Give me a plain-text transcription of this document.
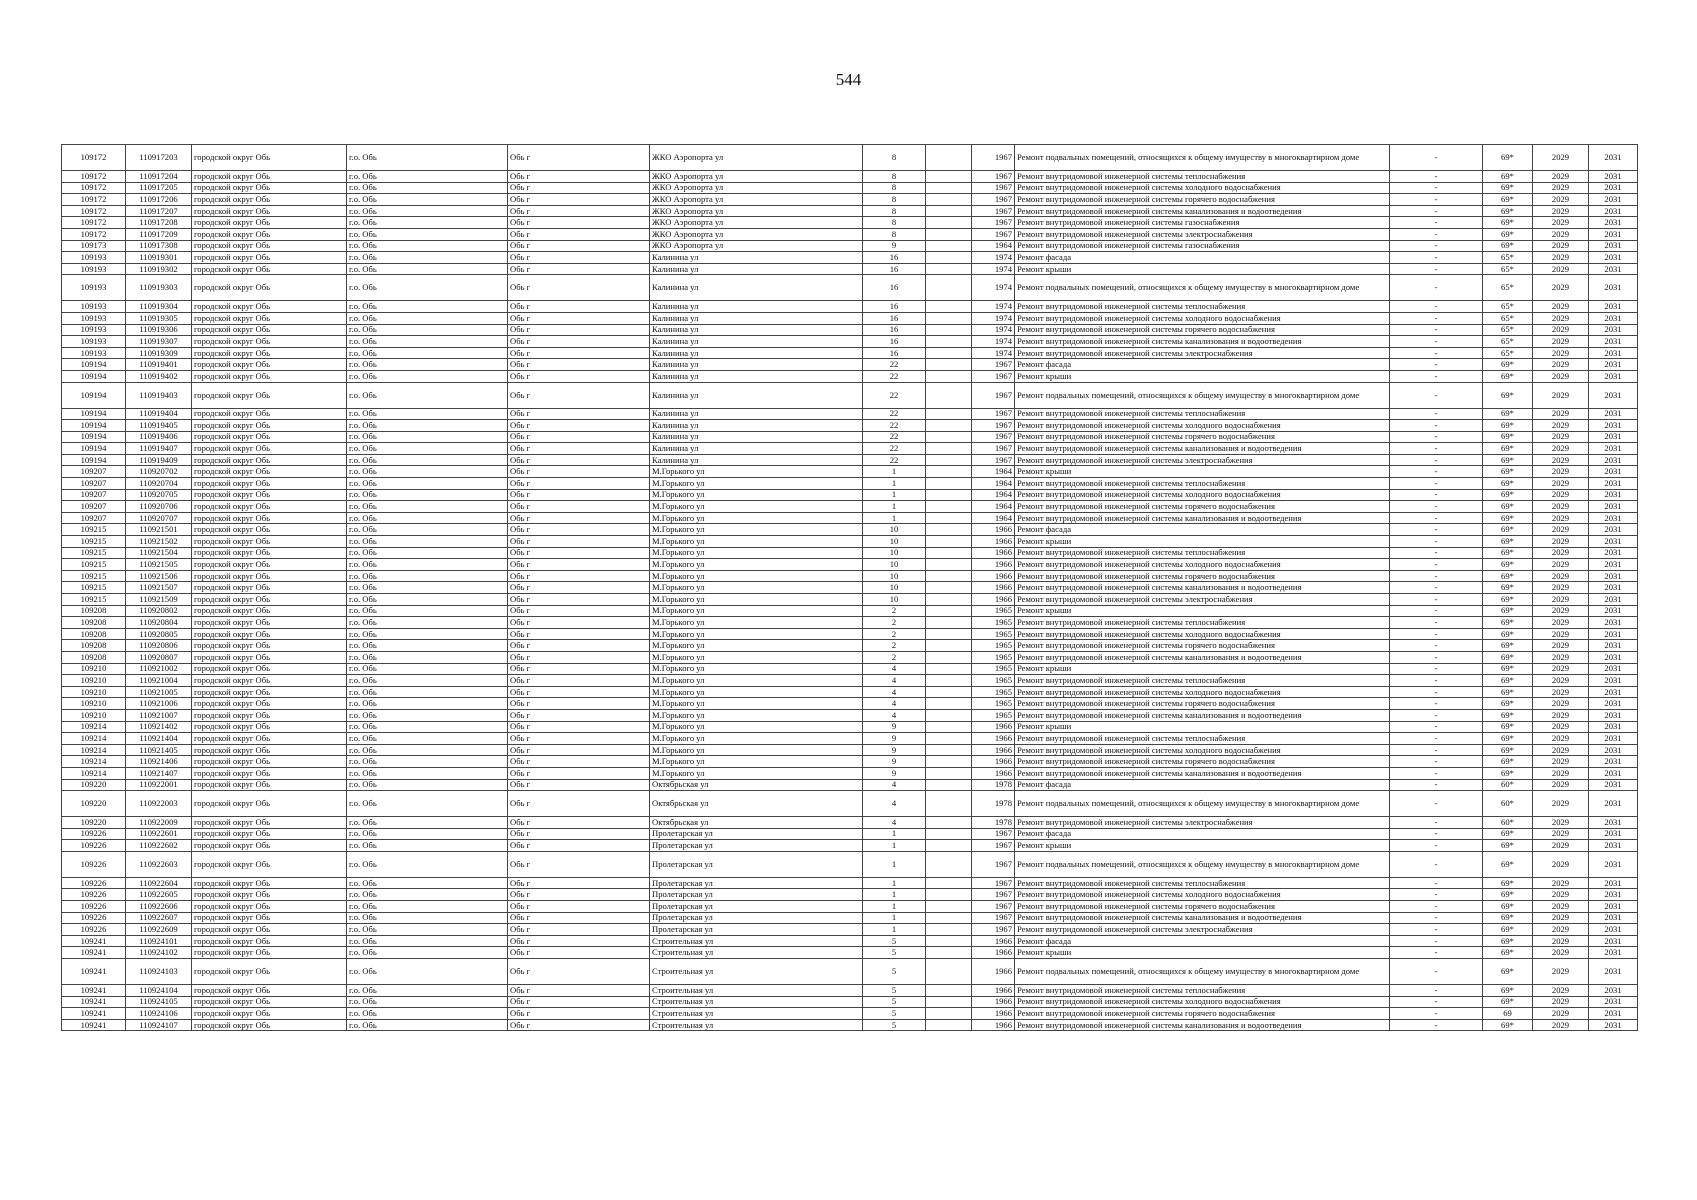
544
109172	110917203	городской округ Обь	г.о. Обь	Обь г	ЖКО Аэропорта ул	8		1967	Ремонт подвальных помещений, относящихся к общему имуществу в многоквартирном доме	-	69*	2029	2031
109172	110917204	городской округ Обь	г.о. Обь	Обь г	ЖКО Аэропорта ул	8		1967	Ремонт внутридомовой инженерной системы теплоснабжения	-	69*	2029	2031
109172	110917205	городской округ Обь	г.о. Обь	Обь г	ЖКО Аэропорта ул	8		1967	Ремонт внутридомовой инженерной системы холодного водоснабжения	-	69*	2029	2031
109172	110917206	городской округ Обь	г.о. Обь	Обь г	ЖКО Аэропорта ул	8		1967	Ремонт внутридомовой инженерной системы горячего водоснабжения	-	69*	2029	2031
109172	110917207	городской округ Обь	г.о. Обь	Обь г	ЖКО Аэропорта ул	8		1967	Ремонт внутридомовой инженерной системы канализования и водоотведения	-	69*	2029	2031
109172	110917208	городской округ Обь	г.о. Обь	Обь г	ЖКО Аэропорта ул	8		1967	Ремонт внутридомовой инженерной системы газоснабжения	-	69*	2029	2031
109172	110917209	городской округ Обь	г.о. Обь	Обь г	ЖКО Аэропорта ул	8		1967	Ремонт внутридомовой инженерной системы электроснабжения	-	69*	2029	2031
109173	110917308	городской округ Обь	г.о. Обь	Обь г	ЖКО Аэропорта ул	9		1964	Ремонт внутридомовой инженерной системы газоснабжения	-	69*	2029	2031
109193	110919301	городской округ Обь	г.о. Обь	Обь г	Калинина ул	16		1974	Ремонт фасада	-	65*	2029	2031
109193	110919302	городской округ Обь	г.о. Обь	Обь г	Калинина ул	16		1974	Ремонт крыши	-	65*	2029	2031
109193	110919303	городской округ Обь	г.о. Обь	Обь г	Калинина ул	16		1974	Ремонт подвальных помещений, относящихся к общему имуществу в многоквартирном доме	-	65*	2029	2031
109193	110919304	городской округ Обь	г.о. Обь	Обь г	Калинина ул	16		1974	Ремонт внутридомовой инженерной системы теплоснабжения	-	65*	2029	2031
109193	110919305	городской округ Обь	г.о. Обь	Обь г	Калинина ул	16		1974	Ремонт внутридомовой инженерной системы холодного водоснабжения	-	65*	2029	2031
109193	110919306	городской округ Обь	г.о. Обь	Обь г	Калинина ул	16		1974	Ремонт внутридомовой инженерной системы горячего водоснабжения	-	65*	2029	2031
109193	110919307	городской округ Обь	г.о. Обь	Обь г	Калинина ул	16		1974	Ремонт внутридомовой инженерной системы канализования и водоотведения	-	65*	2029	2031
109193	110919309	городской округ Обь	г.о. Обь	Обь г	Калинина ул	16		1974	Ремонт внутридомовой инженерной системы электроснабжения	-	65*	2029	2031
109194	110919401	городской округ Обь	г.о. Обь	Обь г	Калинина ул	22		1967	Ремонт фасада	-	69*	2029	2031
109194	110919402	городской округ Обь	г.о. Обь	Обь г	Калинина ул	22		1967	Ремонт крыши	-	69*	2029	2031
109194	110919403	городской округ Обь	г.о. Обь	Обь г	Калинина ул	22		1967	Ремонт подвальных помещений, относящихся к общему имуществу в многоквартирном доме	-	69*	2029	2031
109194	110919404	городской округ Обь	г.о. Обь	Обь г	Калинина ул	22		1967	Ремонт внутридомовой инженерной системы теплоснабжения	-	69*	2029	2031
109194	110919405	городской округ Обь	г.о. Обь	Обь г	Калинина ул	22		1967	Ремонт внутридомовой инженерной системы холодного водоснабжения	-	69*	2029	2031
109194	110919406	городской округ Обь	г.о. Обь	Обь г	Калинина ул	22		1967	Ремонт внутридомовой инженерной системы горячего водоснабжения	-	69*	2029	2031
109194	110919407	городской округ Обь	г.о. Обь	Обь г	Калинина ул	22		1967	Ремонт внутридомовой инженерной системы канализования и водоотведения	-	69*	2029	2031
109194	110919409	городской округ Обь	г.о. Обь	Обь г	Калинина ул	22		1967	Ремонт внутридомовой инженерной системы электроснабжения	-	69*	2029	2031
109207	110920702	городской округ Обь	г.о. Обь	Обь г	М.Горького ул	1		1964	Ремонт крыши	-	69*	2029	2031
109207	110920704	городской округ Обь	г.о. Обь	Обь г	М.Горького ул	1		1964	Ремонт внутридомовой инженерной системы теплоснабжения	-	69*	2029	2031
109207	110920705	городской округ Обь	г.о. Обь	Обь г	М.Горького ул	1		1964	Ремонт внутридомовой инженерной системы холодного водоснабжения	-	69*	2029	2031
109207	110920706	городской округ Обь	г.о. Обь	Обь г	М.Горького ул	1		1964	Ремонт внутридомовой инженерной системы горячего водоснабжения	-	69*	2029	2031
109207	110920707	городской округ Обь	г.о. Обь	Обь г	М.Горького ул	1		1964	Ремонт внутридомовой инженерной системы канализования и водоотведения	-	69*	2029	2031
109215	110921501	городской округ Обь	г.о. Обь	Обь г	М.Горького ул	10		1966	Ремонт фасада	-	69*	2029	2031
109215	110921502	городской округ Обь	г.о. Обь	Обь г	М.Горького ул	10		1966	Ремонт крыши	-	69*	2029	2031
109215	110921504	городской округ Обь	г.о. Обь	Обь г	М.Горького ул	10		1966	Ремонт внутридомовой инженерной системы теплоснабжения	-	69*	2029	2031
109215	110921505	городской округ Обь	г.о. Обь	Обь г	М.Горького ул	10		1966	Ремонт внутридомовой инженерной системы холодного водоснабжения	-	69*	2029	2031
109215	110921506	городской округ Обь	г.о. Обь	Обь г	М.Горького ул	10		1966	Ремонт внутридомовой инженерной системы горячего водоснабжения	-	69*	2029	2031
109215	110921507	городской округ Обь	г.о. Обь	Обь г	М.Горького ул	10		1966	Ремонт внутридомовой инженерной системы канализования и водоотведения	-	69*	2029	2031
109215	110921509	городской округ Обь	г.о. Обь	Обь г	М.Горького ул	10		1966	Ремонт внутридомовой инженерной системы электроснабжения	-	69*	2029	2031
109208	110920802	городской округ Обь	г.о. Обь	Обь г	М.Горького ул	2		1965	Ремонт крыши	-	69*	2029	2031
109208	110920804	городской округ Обь	г.о. Обь	Обь г	М.Горького ул	2		1965	Ремонт внутридомовой инженерной системы теплоснабжения	-	69*	2029	2031
109208	110920805	городской округ Обь	г.о. Обь	Обь г	М.Горького ул	2		1965	Ремонт внутридомовой инженерной системы холодного водоснабжения	-	69*	2029	2031
109208	110920806	городской округ Обь	г.о. Обь	Обь г	М.Горького ул	2		1965	Ремонт внутридомовой инженерной системы горячего водоснабжения	-	69*	2029	2031
109208	110920807	городской округ Обь	г.о. Обь	Обь г	М.Горького ул	2		1965	Ремонт внутридомовой инженерной системы канализования и водоотведения	-	69*	2029	2031
109210	110921002	городской округ Обь	г.о. Обь	Обь г	М.Горького ул	4		1965	Ремонт крыши	-	69*	2029	2031
109210	110921004	городской округ Обь	г.о. Обь	Обь г	М.Горького ул	4		1965	Ремонт внутридомовой инженерной системы теплоснабжения	-	69*	2029	2031
109210	110921005	городской округ Обь	г.о. Обь	Обь г	М.Горького ул	4		1965	Ремонт внутридомовой инженерной системы холодного водоснабжения	-	69*	2029	2031
109210	110921006	городской округ Обь	г.о. Обь	Обь г	М.Горького ул	4		1965	Ремонт внутридомовой инженерной системы горячего водоснабжения	-	69*	2029	2031
109210	110921007	городской округ Обь	г.о. Обь	Обь г	М.Горького ул	4		1965	Ремонт внутридомовой инженерной системы канализования и водоотведения	-	69*	2029	2031
109214	110921402	городской округ Обь	г.о. Обь	Обь г	М.Горького ул	9		1966	Ремонт крыши	-	69*	2029	2031
109214	110921404	городской округ Обь	г.о. Обь	Обь г	М.Горького ул	9		1966	Ремонт внутридомовой инженерной системы теплоснабжения	-	69*	2029	2031
109214	110921405	городской округ Обь	г.о. Обь	Обь г	М.Горького ул	9		1966	Ремонт внутридомовой инженерной системы холодного водоснабжения	-	69*	2029	2031
109214	110921406	городской округ Обь	г.о. Обь	Обь г	М.Горького ул	9		1966	Ремонт внутридомовой инженерной системы горячего водоснабжения	-	69*	2029	2031
109214	110921407	городской округ Обь	г.о. Обь	Обь г	М.Горького ул	9		1966	Ремонт внутридомовой инженерной системы канализования и водоотведения	-	69*	2029	2031
109220	110922001	городской округ Обь	г.о. Обь	Обь г	Октябрьская ул	4		1978	Ремонт фасада	-	60*	2029	2031
109220	110922003	городской округ Обь	г.о. Обь	Обь г	Октябрьская ул	4		1978	Ремонт подвальных помещений, относящихся к общему имуществу в многоквартирном доме	-	60*	2029	2031
109220	110922009	городской округ Обь	г.о. Обь	Обь г	Октябрьская ул	4		1978	Ремонт внутридомовой инженерной системы электроснабжения	-	60*	2029	2031
109226	110922601	городской округ Обь	г.о. Обь	Обь г	Пролетарская ул	1		1967	Ремонт фасада	-	69*	2029	2031
109226	110922602	городской округ Обь	г.о. Обь	Обь г	Пролетарская ул	1		1967	Ремонт крыши	-	69*	2029	2031
109226	110922603	городской округ Обь	г.о. Обь	Обь г	Пролетарская ул	1		1967	Ремонт подвальных помещений, относящихся к общему имуществу в многоквартирном доме	-	69*	2029	2031
109226	110922604	городской округ Обь	г.о. Обь	Обь г	Пролетарская ул	1		1967	Ремонт внутридомовой инженерной системы теплоснабжения	-	69*	2029	2031
109226	110922605	городской округ Обь	г.о. Обь	Обь г	Пролетарская ул	1		1967	Ремонт внутридомовой инженерной системы холодного водоснабжения	-	69*	2029	2031
109226	110922606	городской округ Обь	г.о. Обь	Обь г	Пролетарская ул	1		1967	Ремонт внутридомовой инженерной системы горячего водоснабжения	-	69*	2029	2031
109226	110922607	городской округ Обь	г.о. Обь	Обь г	Пролетарская ул	1		1967	Ремонт внутридомовой инженерной системы канализования и водоотведения	-	69*	2029	2031
109226	110922609	городской округ Обь	г.о. Обь	Обь г	Пролетарская ул	1		1967	Ремонт внутридомовой инженерной системы электроснабжения	-	69*	2029	2031
109241	110924101	городской округ Обь	г.о. Обь	Обь г	Строительная ул	5		1966	Ремонт фасада	-	69*	2029	2031
109241	110924102	городской округ Обь	г.о. Обь	Обь г	Строительная ул	5		1966	Ремонт крыши	-	69*	2029	2031
109241	110924103	городской округ Обь	г.о. Обь	Обь г	Строительная ул	5		1966	Ремонт подвальных помещений, относящихся к общему имуществу в многоквартирном доме	-	69*	2029	2031
109241	110924104	городской округ Обь	г.о. Обь	Обь г	Строительная ул	5		1966	Ремонт внутридомовой инженерной системы теплоснабжения	-	69*	2029	2031
109241	110924105	городской округ Обь	г.о. Обь	Обь г	Строительная ул	5		1966	Ремонт внутридомовой инженерной системы холодного водоснабжения	-	69*	2029	2031
109241	110924106	городской округ Обь	г.о. Обь	Обь г	Строительная ул	5		1966	Ремонт внутридомовой инженерной системы горячего водоснабжения	-	69	2029	2031
109241	110924107	городской округ Обь	г.о. Обь	Обь г	Строительная ул	5		1966	Ремонт внутридомовой инженерной системы канализования и водоотведения	-	69*	2029	2031
